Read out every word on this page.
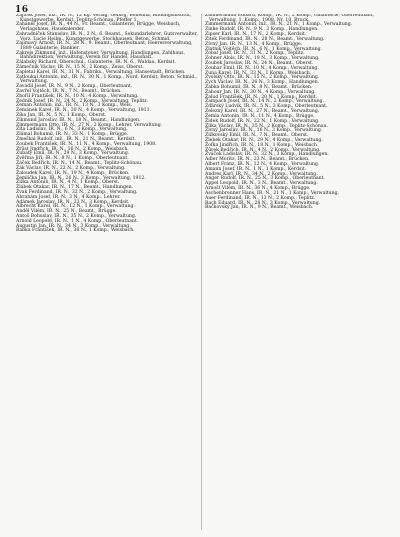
16

Zajíček Josef, inž., IR. N., 12 Kg. Verlag, Gebirg, Bohemia, Bildungsinstitut, Kunstgewerbe. Kerdsit, Teplitz-Schönau, Pfeffer 1.

Zaháněl Josef, IR. N., 44 N., Fr. Beamt., Galanterie, Brügge, Weisbach, Verlagshaus, Hauskalender.

Zahradníček Stanislav, IR. N., 2 N., 6. Beamt., Sekundarlehrer, Gutsverwalter, Vorz. Lucie Heilm., Kunstgewerbe, Stockhausen, Beton. Schmid.

Zajímavý Arnošt, IR. N., 28 N., 9. Beamt., Oberleutnant, Heeresverwaltung, 1889 Galanterie, Bankier.

Zakrejs Zikmund, inž., Hafensteuer, Verwaltung, Handlungen, Zahlhaus, Bahndirektion, Verwaltung, Verein für Handel, Haushalt.

Zálabský Richard, Oberschul., Galanterie, IR. N. 6., Waldau, Kerdsit.

Zámečník Václav, IR. N., 15 N., 2 Komp., Zeiss, Oberst.

Zapletal Karel, IR. N., 31 N., Fabriks., Verwaltung, Hansestadt, Brücken.

Zatloukal Antonín, inž., IR. N., 30 N., 1 Komp., Nord. Kerdsit, Beton. Schmid., Verwaltung.

Zavadil Josef, IR. N., 9 N., 2 Komp., Oberleutnant.

Zavřel Vojtěch, IR. N., 7 N., Beamt., Brücken.

Zbořil František, IR. N., 10 N., 4 Komp., Verwaltung.

Zedník Josef, IR. N., 24 N., 2 Komp., Verwaltung, Teplitz.

Zeman Antonín, inž., IR. N., 13 N., 3 Komp., Wels.

Zemánek Karel, IR. N., 20 N., 4 Komp., Verwaltung, 1911.

Zíka Jan, IR. N., 5 N., 1 Komp., Oberst.

Zikmund Jaroslav, IR. N., 18 N., Beamt., Handlungen.

Zimmermann Otto, IR. N., 27 N., 2 Komp., Lehrer, Verwaltung.

Zíta Ladislav, IR. N., 6 N., 3 Komp., Verwaltung.

Zlámal Bohumil, IR. N., 33 N., 1 Komp., Brügge.

Zmeškal Rudolf, inž., IR. N., 21 N., Beamt., Kerdsit.

Zoubek František, IR. N., 11 N., 4 Komp., Verwaltung, 1908.

Zrůst Jindřich, IR. N., 16 N., 2 Komp., Weisbach.

Zubatý Emil, IR. N., 29 N., 3 Komp., Verwaltung.

Zvěřina Jiří, IR. N., 8 N., 1 Komp., Oberleutnant.

Žáček Bedřich, IR. N., 14 N., Beamt., Teplitz-Schönau.

Žák Václav, IR. N., 22 N., 2 Komp., Verwaltung.

Žaloudek Karel, IR. N., 19 N., 4 Komp., Brücken.

Žemlička Jan, IR. N., 26 N., 3 Komp., Verwaltung, 1912.

Žižka Antonín, IR. N., 4 N., 1 Komp., Oberst.

Žlábek Otakar, IR. N., 17 N., Beamt., Handlungen.

Žvak Ferdinand, IR. N., 32 N., 2 Komp., Verwaltung.

Abrahám Josef, IR. N., 3 N., 4 Komp., Lehrer.

Adámek Jaroslav, IR. N., 23 N., 3 Komp., Kerdsit.

Albrecht Karel, IR. N., 12 N., 1 Komp., Verwaltung.

Anděl Vilém, IR. N., 25 N., Beamt., Brügge.

Antoš Bohuslav, IR. N., 35 N., 2 Komp., Verwaltung.

Arnold Leopold, IR. N., 1 N., 4 Komp., Oberleutnant.

Augustin Jan, IR. N., 34 N., 3 Komp., Verwaltung.

Babka František, IR. N., 36 N., 1 Komp., Weisbach.

Zimmermann Eduard, Komp., IR. N., 2 Komp., Galanterie, Oberleutnant, Verwaltung, 1. Komp., 1908. Nr. 10, Bruck.

Zimmermann Antonín, inž., IR. N., 21 N., 1 Komp., Verwaltung.

Zinke Rudolf, IR. N., 9 N., 3 Komp., Handlungen.

Zipser Karl, IR. N., 17 N., 2 Komp., Kerdsit.

Zitek Ferdinand, IR. N., 28 N., Beamt., Verwaltung.

Zívný Jan, IR. N., 13 N., 4 Komp., Brügge.

Zlatník Vojtěch, IR. N., 6 N., 1 Komp., Verwaltung.

Zobal Josef, IR. N., 31 N., 2 Komp., Teplitz.

Zohner Alois, IR. N., 19 N., 3 Komp., Verwaltung.

Zoubek Jaroslav, IR. N., 24 N., Beamt., Oberst.

Zouhar Emil, IR. N., 10 N., 4 Komp., Verwaltung.

Zuna Karel, IR. N., 33 N., 1 Komp., Weisbach.

Zvolský Otto, IR. N., 15 N., 2 Komp., Verwaltung.

Zych Václav, IR. N., 26 N., 3 Komp., Handlungen.

Žabka Bohumil, IR. N., 8 N., Beamt., Brücken.

Žahour Jan, IR. N., 30 N., 4 Komp., Verwaltung.

Žalud František, IR. N., 20 N., 1 Komp., Kerdsit.

Žampach Josef, IR. N., 14 N., 2 Komp., Verwaltung.

Žďárský Ludvík, IR. N., 5 N., 3 Komp., Oberleutnant.

Železný Karel, IR. N., 27 N., Beamt., Verwaltung.

Žemla Antonín, IR. N., 11 N., 4 Komp., Brügge.

Židek Rudolf, IR. N., 22 N., 1 Komp., Verwaltung.

Žilka Václav, IR. N., 35 N., 2 Komp., Teplitz-Schönau.

Živný Jaroslav, IR. N., 16 N., 3 Komp., Verwaltung.

Žižkovský Emil, IR. N., 7 N., Beamt., Oberst.

Žlebek Otakar, IR. N., 29 N., 4 Komp., Verwaltung.

Žofka Jindřich, IR. N., 18 N., 1 Komp., Weisbach.

Žůrek Bedřich, IR. N., 4 N., 2 Komp., Verwaltung.

Žváček Ladislav, IR. N., 32 N., 3 Komp., Handlungen.

Adler Moritz, IR. N., 23 N., Beamt., Brücken.

Albert Franz, IR. N., 12 N., 4 Komp., Verwaltung.

Amann Josef, IR. N., 1 N., 1 Komp., Kerdsit.

Andres Karl, IR. N., 34 N., 2 Komp., Verwaltung.

Anger Rudolf, IR. N., 25 N., 3 Komp., Oberleutnant.

Appel Leopold, IR. N., 3 N., Beamt., Verwaltung.

Arnošt Vilém, IR. N., 36 N., 4 Komp., Brügge.

Aschenbrenner Hans, IR. N., 21 N., 1 Komp., Verwaltung.

Auer Ferdinand, IR. N., 13 N., 2 Komp., Teplitz.

Bach Eduard, IR. N., 28 N., 3 Komp., Verwaltung.

Bačkovský Jan, IR. N., 9 N., Beamt., Weisbach.
